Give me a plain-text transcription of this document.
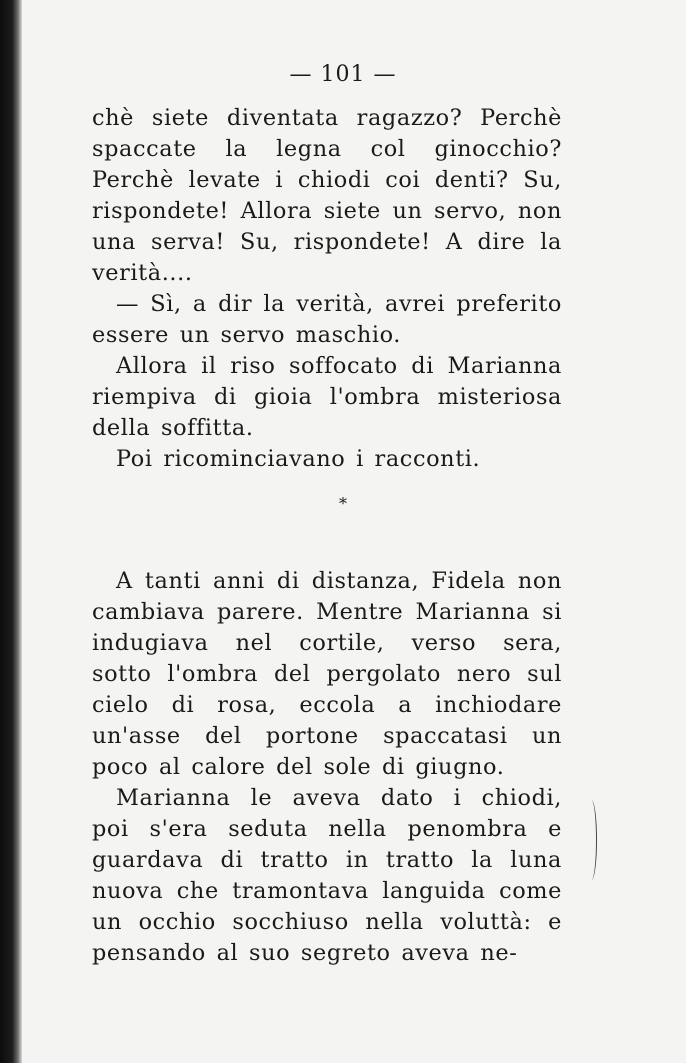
— 101 —

chè siete diventata ragazzo? Perchè spaccate la legna col ginocchio? Perchè levate i chiodi coi denti? Su, rispondete! Allora siete un servo, non una serva! Su, rispondete! A dire la verità....

— Sì, a dir la verità, avrei preferito essere un servo maschio.

Allora il riso soffocato di Marianna riempiva di gioia l'ombra misteriosa della soffitta.

Poi ricominciavano i racconti.

*

A tanti anni di distanza, Fidela non cambiava parere. Mentre Marianna si indugiava nel cortile, verso sera, sotto l'ombra del pergolato nero sul cielo di rosa, eccola a inchiodare un'asse del portone spaccatasi un poco al calore del sole di giugno.

Marianna le aveva dato i chiodi, poi s'era seduta nella penombra e guardava di tratto in tratto la luna nuova che tramontava languida come un occhio socchiuso nella voluttà: e pensando al suo segreto aveva ne-
